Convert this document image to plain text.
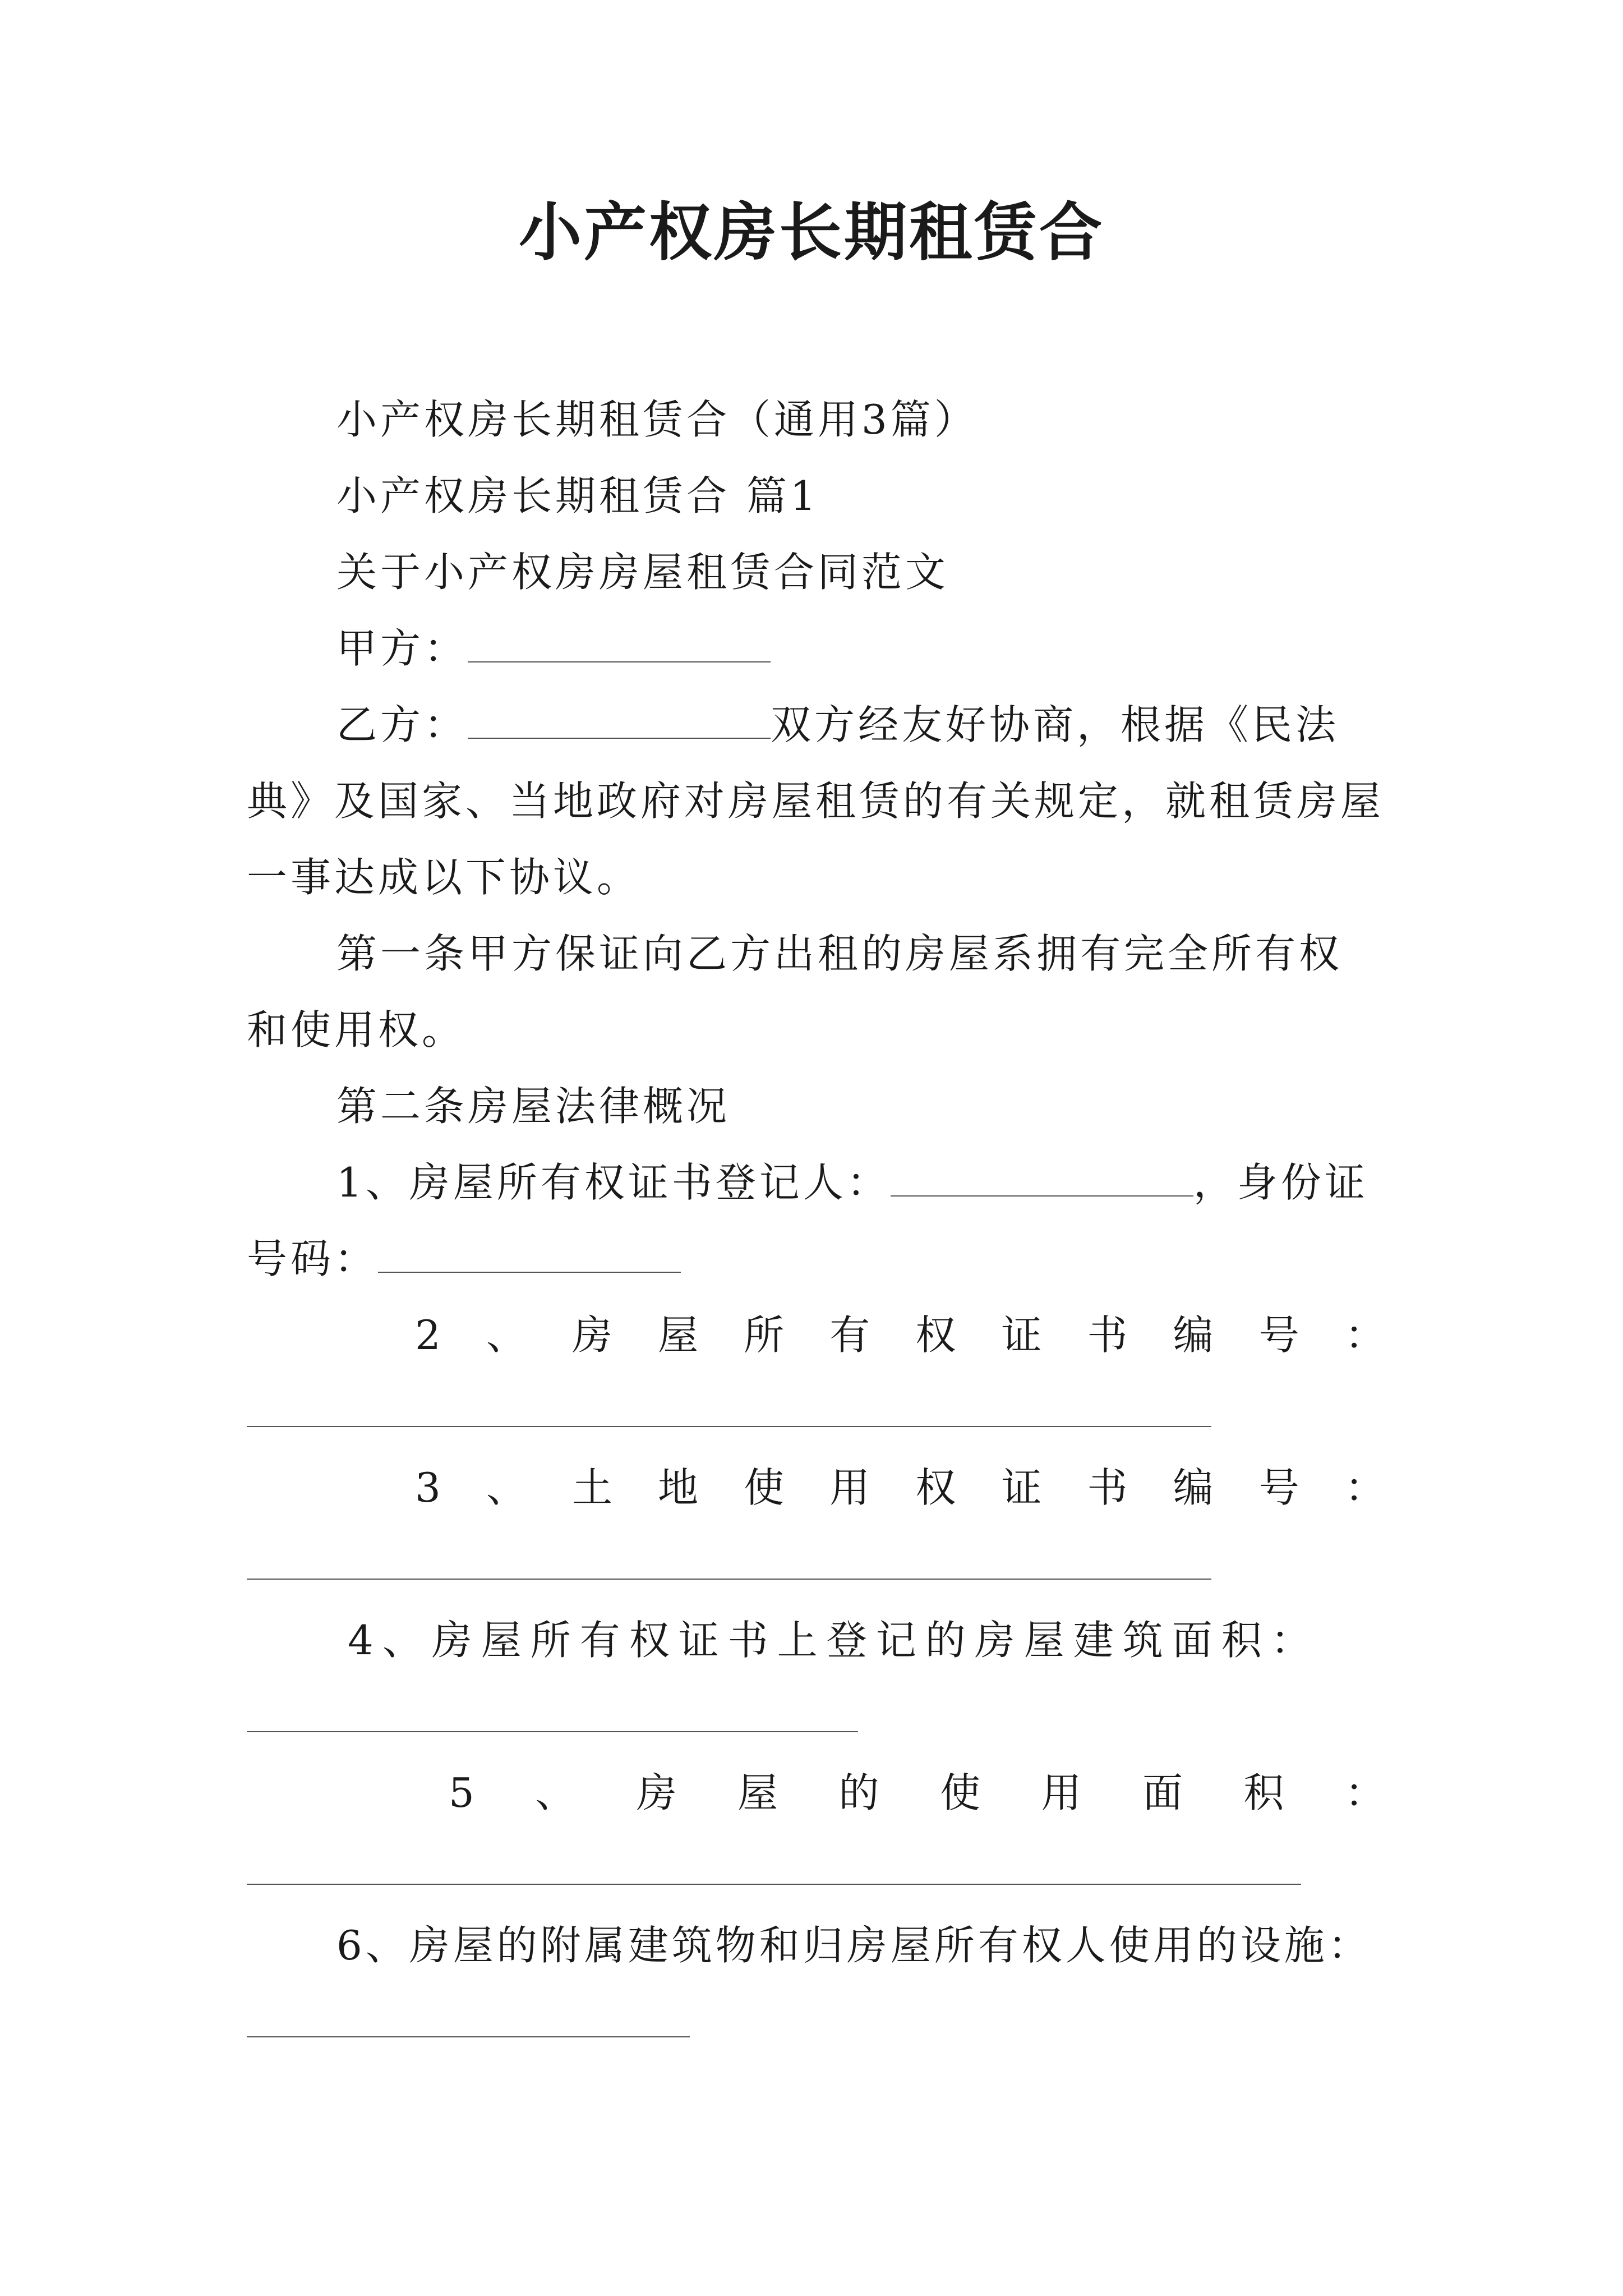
小产权房长期租赁合

小产权房长期租赁合（通用3篇）

小产权房长期租赁合 篇1

关于小产权房房屋租赁合同范文

甲方：

乙方：	双方经友好协商，根据《民法典》及国家、当地政府对房屋租赁的有关规定，就租赁房屋一事达成以下协议。

第一条甲方保证向乙方出租的房屋系拥有完全所有权和使用权。

第二条房屋法律概况

1、房屋所有权证书登记人：	，身份证号码：

2 、 房 屋 所 有 权 证 书 编 号 ：
3 、 土 地 使 用 权 证 书 编 号 ：

4、房屋所有权证书上登记的房屋建筑面积：

5 、 房 屋 的 使 用 面 积 ：

6、房屋的附属建筑物和归房屋所有权人使用的设施：
